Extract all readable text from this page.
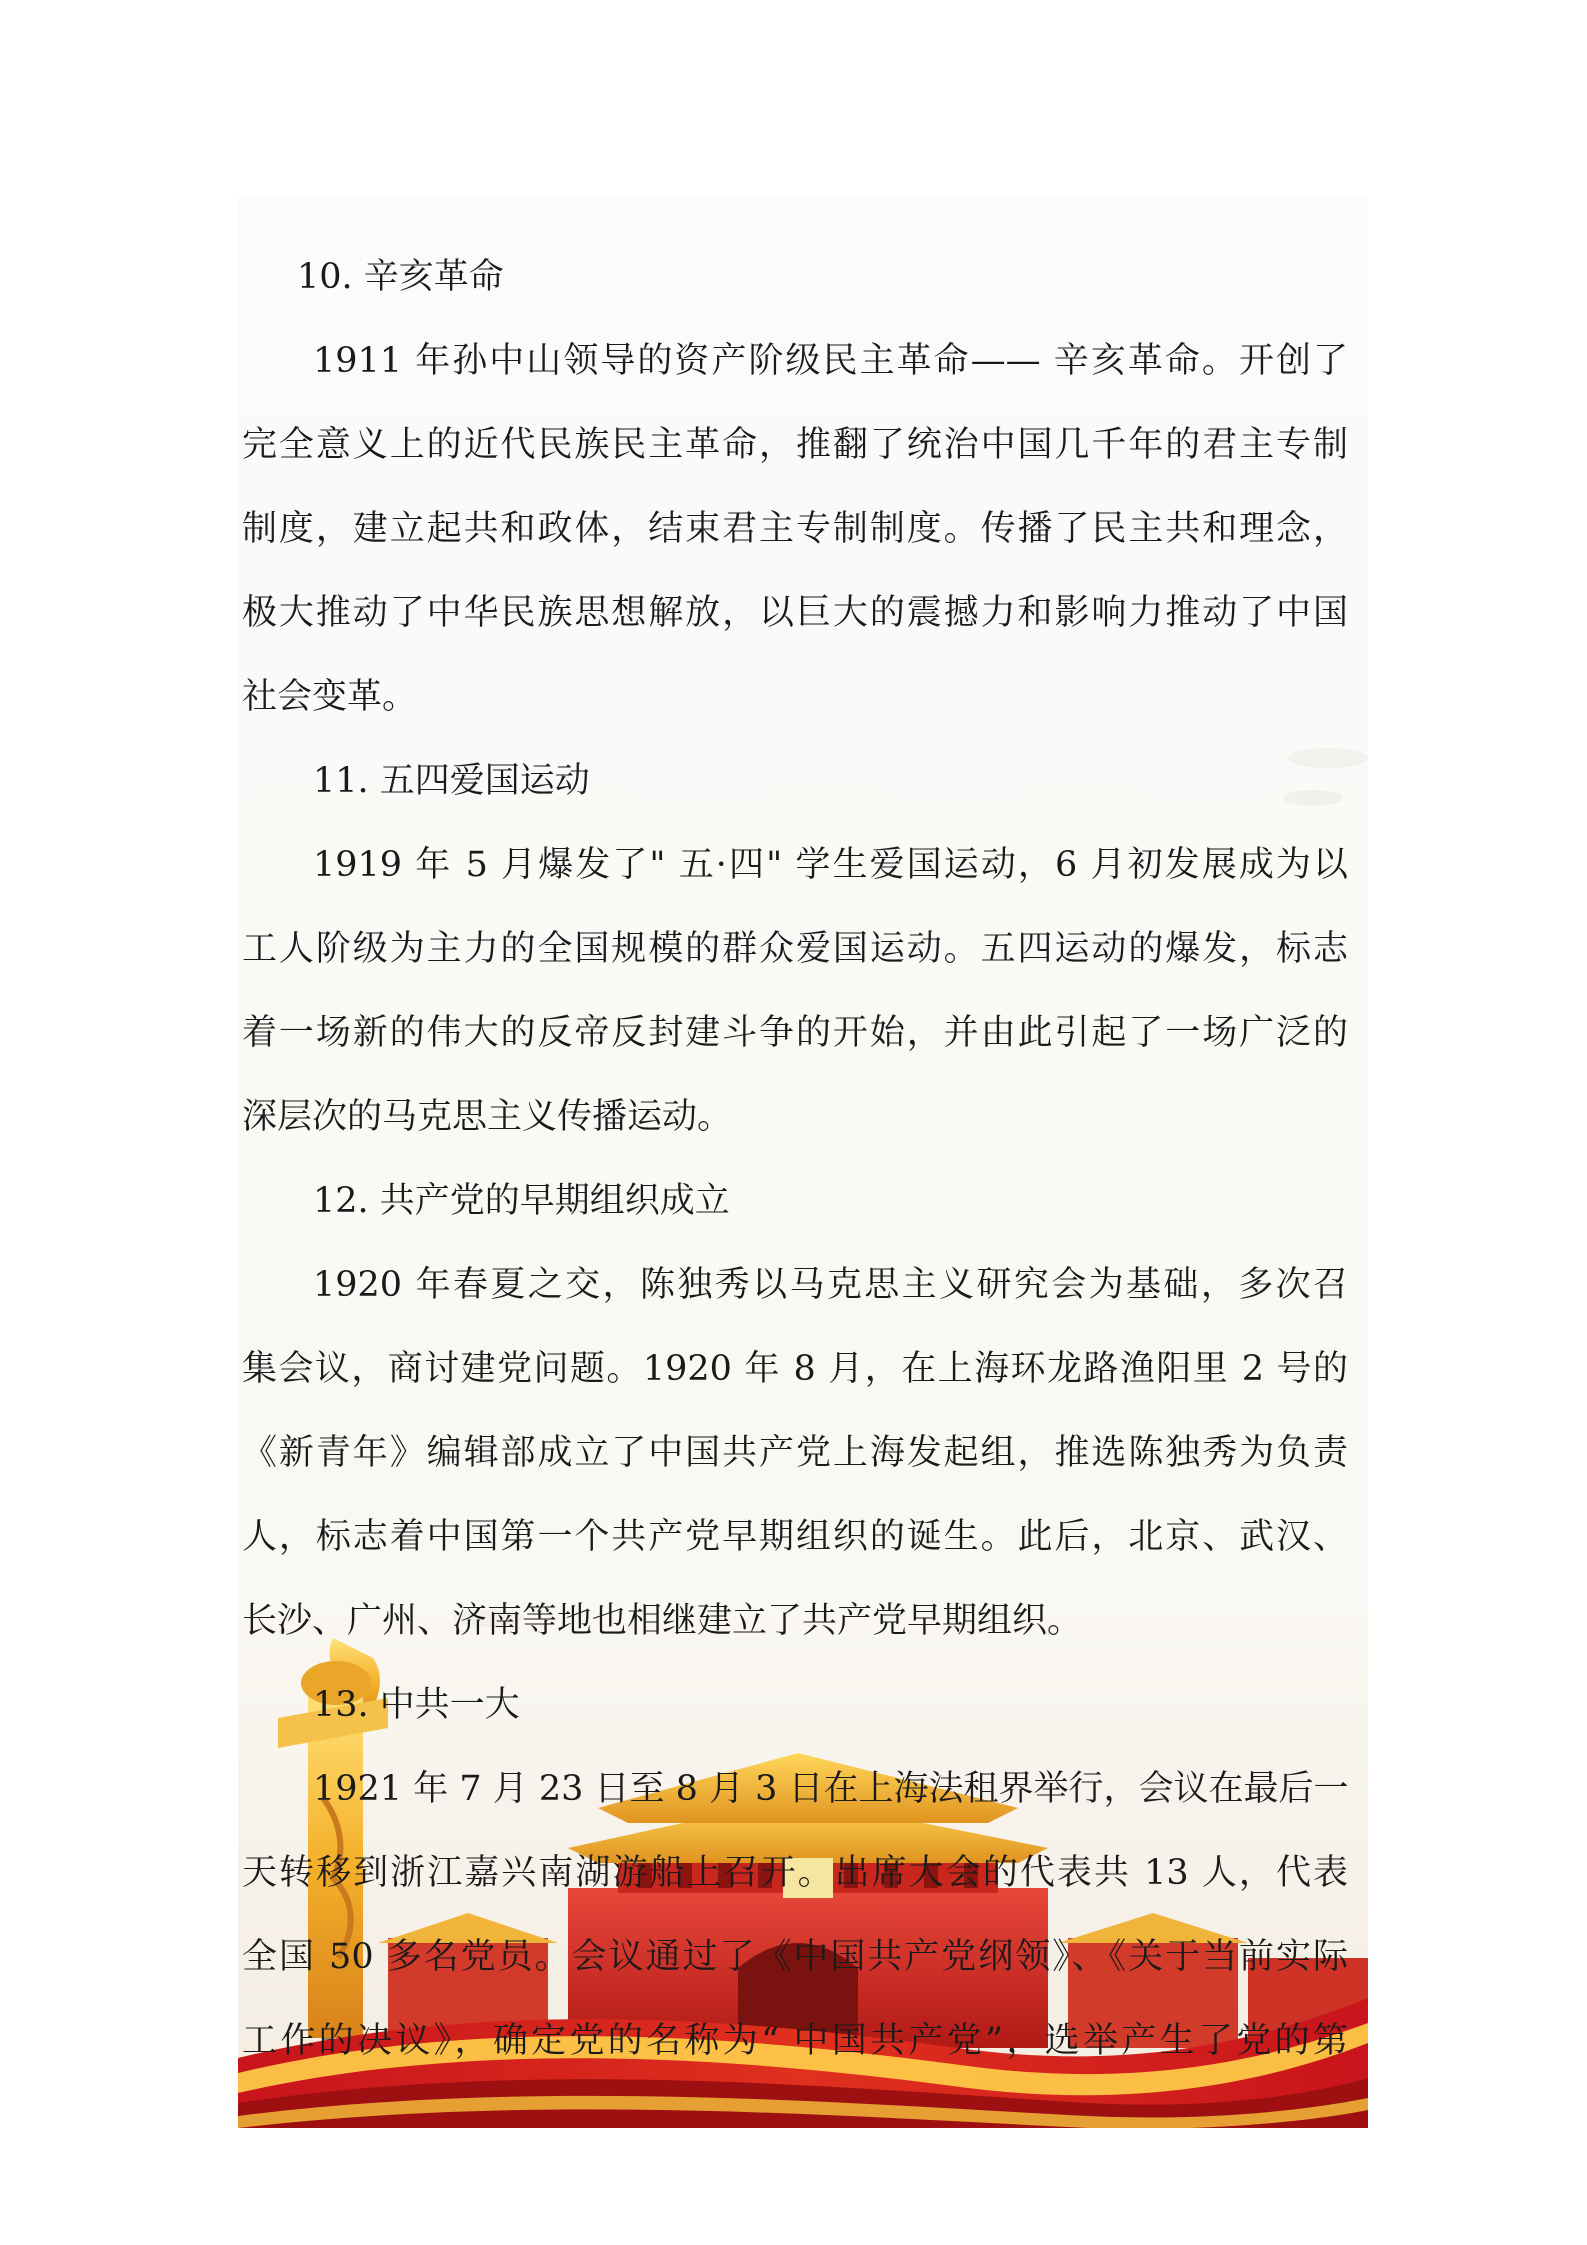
10. 辛亥革命
1911 年孙中山领导的资产阶级民主革命—— 辛亥革命。开创了
完全意义上的近代民族民主革命，推翻了统治中国几千年的君主专制
制度，建立起共和政体，结束君主专制制度。传播了民主共和理念，
极大推动了中华民族思想解放，以巨大的震撼力和影响力推动了中国
社会变革。
11. 五四爱国运动
1919 年 5 月爆发了" 五·四" 学生爱国运动，6 月初发展成为以
工人阶级为主力的全国规模的群众爱国运动。五四运动的爆发，标志
着一场新的伟大的反帝反封建斗争的开始，并由此引起了一场广泛的
深层次的马克思主义传播运动。
12. 共产党的早期组织成立
1920 年春夏之交，陈独秀以马克思主义研究会为基础，多次召
集会议，商讨建党问题。1920 年 8 月，在上海环龙路渔阳里 2 号的
《新青年》编辑部成立了中国共产党上海发起组，推选陈独秀为负责
人，标志着中国第一个共产党早期组织的诞生。此后，北京、武汉、
长沙、广州、济南等地也相继建立了共产党早期组织。
13. 中共一大
1921 年 7 月 23 日至 8 月 3 日在上海法租界举行，会议在最后一
天转移到浙江嘉兴南湖游船上召开。出席大会的代表共 13 人，代表
全国 50 多名党员。会议通过了《中国共产党纲领》、《关于当前实际
工作的决议》，确定党的名称为“ 中国共产党”，选举产生了党的第
